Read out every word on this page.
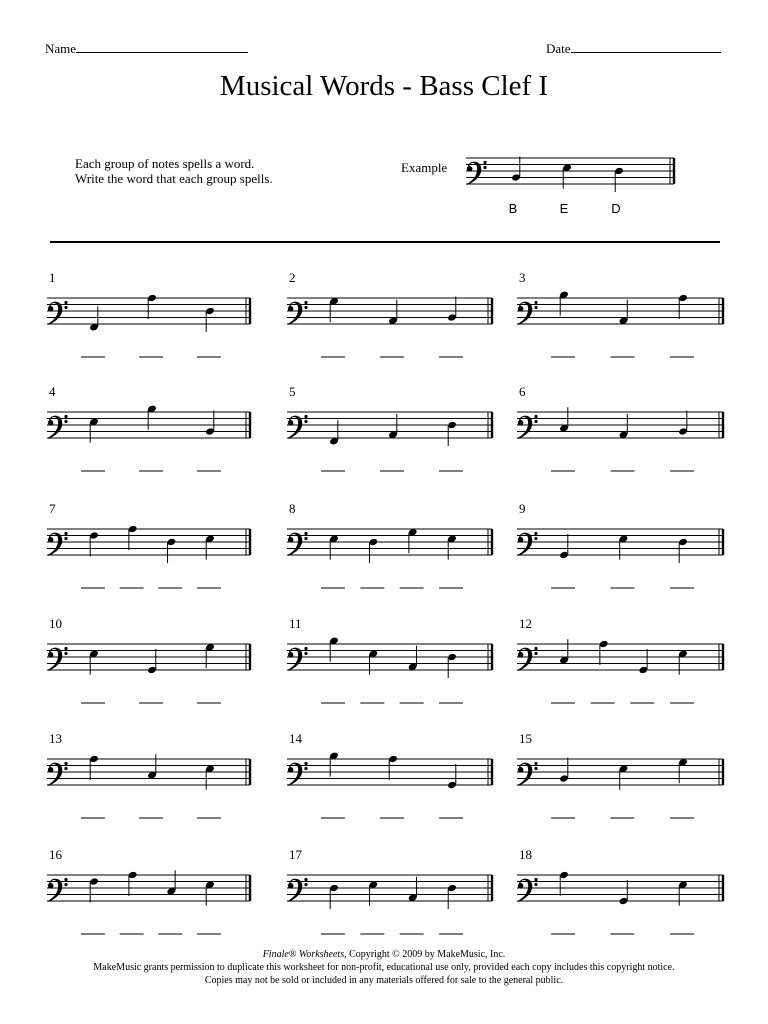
Name	Date
Musical Words - Bass Clef I
Each group of notes spells a word.
Write the word that each group spells.
Example
B	E	D
1	2	3
4	5	6
7	8	9
10	11	12
13	14	15
16	17	18
Finale® Worksheets, Copyright © 2009 by MakeMusic, Inc.
MakeMusic grants permission to duplicate this worksheet for non-profit, educational use only, provided each copy includes this copyright notice.
Copies may not be sold or included in any materials offered for sale to the general public.
